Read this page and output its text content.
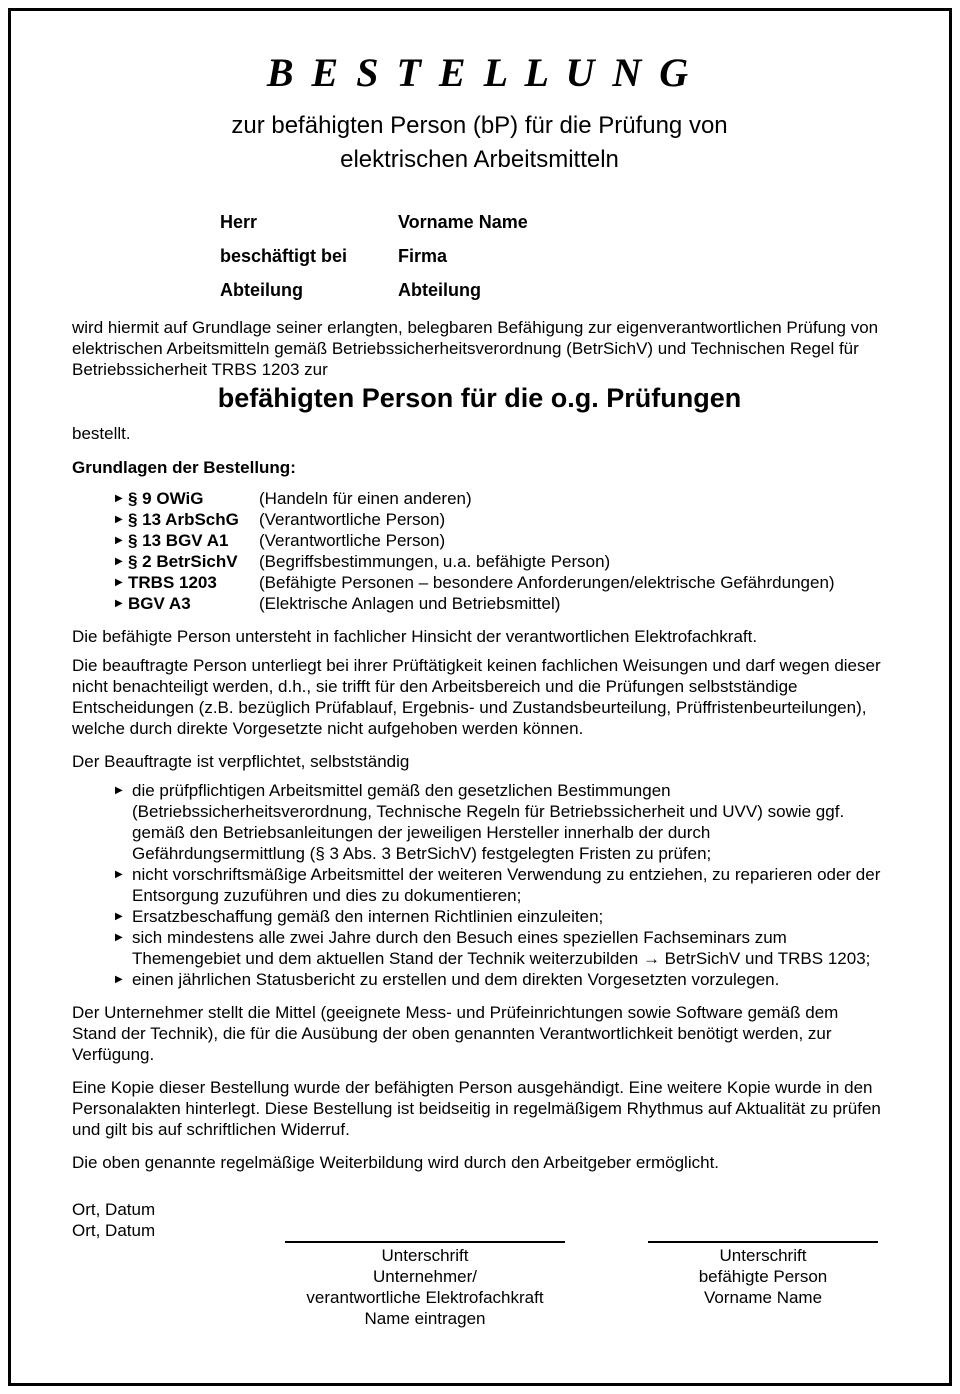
B E S T E L L U N G
zur befähigten Person (bP) für die Prüfung von
elektrischen Arbeitsmitteln
Herr	Vorname Name
beschäftigt bei	Firma
Abteilung	Abteilung

wird hiermit auf Grundlage seiner erlangten, belegbaren Befähigung zur eigenverantwortlichen Prüfung von elektrischen Arbeitsmitteln gemäß Betriebssicherheitsverordnung (BetrSichV) und Technischen Regel für Betriebssicherheit TRBS 1203 zur

befähigten Person für die o.g. Prüfungen

bestellt.

Grundlagen der Bestellung:
▶ § 9 OWiG	(Handeln für einen anderen)
▶ § 13 ArbSchG	(Verantwortliche Person)
▶ § 13 BGV A1	(Verantwortliche Person)
▶ § 2 BetrSichV	(Begriffsbestimmungen, u.a. befähigte Person)
▶ TRBS 1203	(Befähigte Personen – besondere Anforderungen/elektrische Gefährdungen)
▶ BGV A3	(Elektrische Anlagen und Betriebsmittel)

Die befähigte Person untersteht in fachlicher Hinsicht der verantwortlichen Elektrofachkraft.

Die beauftragte Person unterliegt bei ihrer Prüftätigkeit keinen fachlichen Weisungen und darf wegen dieser nicht benachteiligt werden, d.h., sie trifft für den Arbeitsbereich und die Prüfungen selbstständige Entscheidungen (z.B. bezüglich Prüfablauf, Ergebnis- und Zustandsbeurteilung, Prüffristenbeurteilungen), welche durch direkte Vorgesetzte nicht aufgehoben werden können.

Der Beauftragte ist verpflichtet, selbstständig

▶ die prüfpflichtigen Arbeitsmittel gemäß den gesetzlichen Bestimmungen (Betriebssicherheitsverordnung, Technische Regeln für Betriebssicherheit und UVV) sowie ggf. gemäß den Betriebsanleitungen der jeweiligen Hersteller innerhalb der durch Gefährdungsermittlung (§ 3 Abs. 3 BetrSichV) festgelegten Fristen zu prüfen;
▶ nicht vorschriftsmäßige Arbeitsmittel der weiteren Verwendung zu entziehen, zu reparieren oder der Entsorgung zuzuführen und dies zu dokumentieren;
▶ Ersatzbeschaffung gemäß den internen Richtlinien einzuleiten;
▶ sich mindestens alle zwei Jahre durch den Besuch eines speziellen Fachseminars zum Themengebiet und dem aktuellen Stand der Technik weiterzubilden → BetrSichV und TRBS 1203;
▶ einen jährlichen Statusbericht zu erstellen und dem direkten Vorgesetzten vorzulegen.

Der Unternehmer stellt die Mittel (geeignete Mess- und Prüfeinrichtungen sowie Software gemäß dem Stand der Technik), die für die Ausübung der oben genannten Verantwortlichkeit benötigt werden, zur Verfügung.

Eine Kopie dieser Bestellung wurde der befähigten Person ausgehändigt. Eine weitere Kopie wurde in den Personalakten hinterlegt. Diese Bestellung ist beidseitig in regelmäßigem Rhythmus auf Aktualität zu prüfen und gilt bis auf schriftlichen Widerruf.

Die oben genannte regelmäßige Weiterbildung wird durch den Arbeitgeber ermöglicht.

Ort, Datum
Ort, Datum
Unterschrift
Unternehmer/
verantwortliche Elektrofachkraft
Name eintragen
Unterschrift
befähigte Person
Vorname Name
